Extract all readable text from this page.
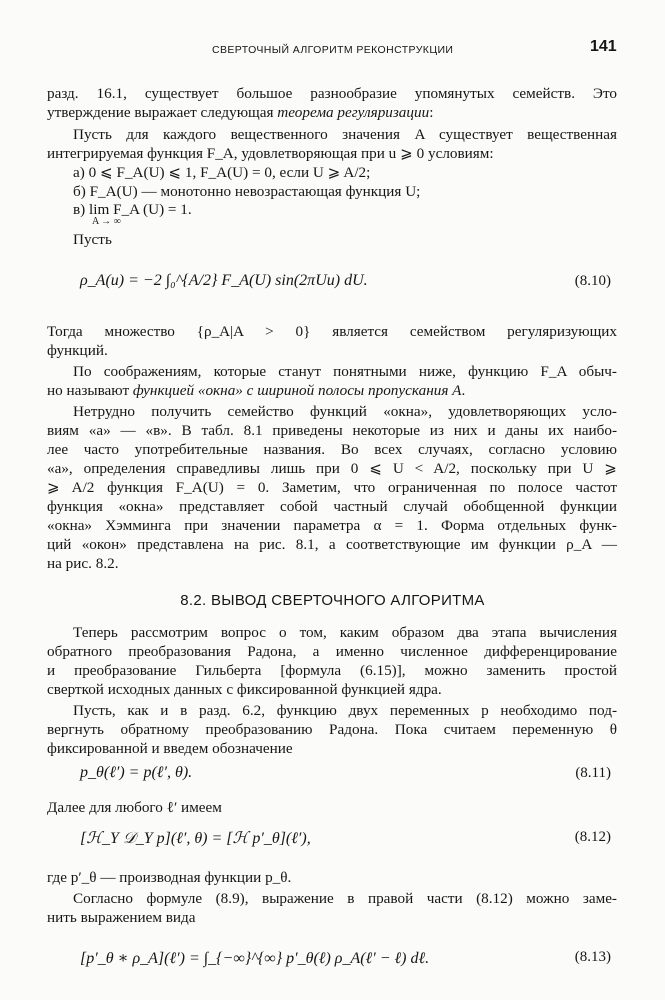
СВЕРТОЧНЫЙ АЛГОРИТМ РЕКОНСТРУКЦИИ	141
разд. 16.1, существует большое разнообразие упомянутых семейств. Это
утверждение выражает следующая теорема регуляризации:
Пусть для каждого вещественного значения A существует вещественная
интегрируемая функция F_A, удовлетворяющая при u ⩾ 0 условиям:
а) 0 ⩽ F_A(U) ⩽ 1, F_A(U) = 0, если U ⩾ A/2;
б) F_A(U) — монотонно невозрастающая функция U;
в) lim F_A (U) = 1.
A → ∞
Пусть
ρ_A(u) = −2 ∫₀^{A/2} F_A(U) sin(2πUu) dU.	(8.10)
Тогда множество {ρ_A|A > 0} является семейством регуляризующих
функций.
По соображениям, которые станут понятными ниже, функцию F_A обыч-
но называют функцией «окна» с шириной полосы пропускания A.
Нетрудно получить семейство функций «окна», удовлетворяющих усло-
виям «а» — «в». В табл. 8.1 приведены некоторые из них и даны их наибо-
лее часто употребительные названия. Во всех случаях, согласно условию
«а», определения справедливы лишь при 0 ⩽ U < A/2, поскольку при U ⩾
⩾ A/2 функция F_A(U) = 0. Заметим, что ограниченная по полосе частот
функция «окна» представляет собой частный случай обобщенной функции
«окна» Хэмминга при значении параметра α = 1. Форма отдельных функ-
ций «окон» представлена на рис. 8.1, а соответствующие им функции ρ_A —
на рис. 8.2.
8.2. ВЫВОД СВЕРТОЧНОГО АЛГОРИТМА
Теперь рассмотрим вопрос о том, каким образом два этапа вычисления
обратного преобразования Радона, а именно численное дифференцирование
и преобразование Гильберта [формула (6.15)], можно заменить простой
сверткой исходных данных с фиксированной функцией ядра.
Пусть, как и в разд. 6.2, функцию двух переменных p необходимо под-
вергнуть обратному преобразованию Радона. Пока считаем переменную θ
фиксированной и введем обозначение
p_θ(ℓ′) = p(ℓ′, θ).	(8.11)
Далее для любого ℓ′ имеем
[ℋ_Y 𝒟_Y p](ℓ′, θ) = [ℋ p′_θ](ℓ′),	(8.12)
где p′_θ — производная функции p_θ.
Согласно формуле (8.9), выражение в правой части (8.12) можно заме-
нить выражением вида
[p′_θ ∗ ρ_A](ℓ′) = ∫_{−∞}^{∞} p′_θ(ℓ) ρ_A(ℓ′ − ℓ) dℓ.	(8.13)
